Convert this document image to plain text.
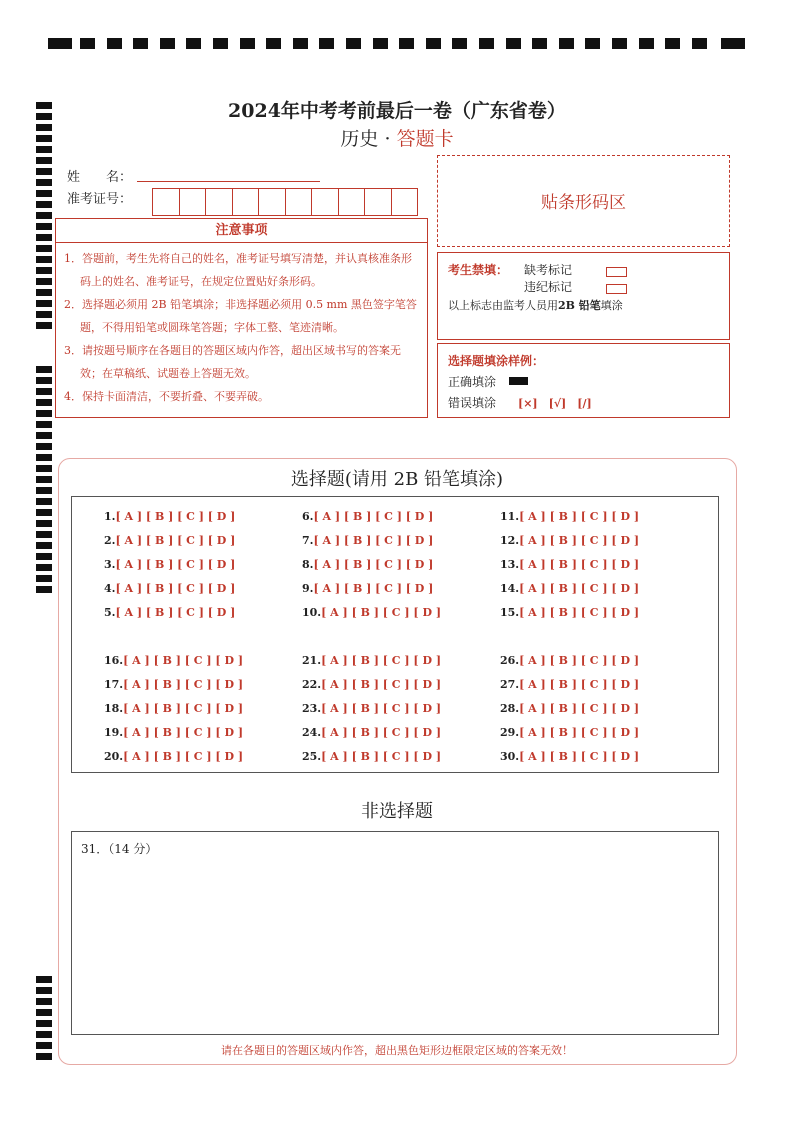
2024年中考考前最后一卷（广东省卷）
历史 · 答题卡
姓　　名：
准考证号：
注意事项
1．答题前，考生先将自己的姓名，准考证号填写清楚，并认真核准条形码上的姓名、准考证号，在规定位置贴好条形码。
2．选择题必须用 2B 铅笔填涂；非选择题必须用 0.5 mm 黑色签字笔答题，不得用铅笔或圆珠笔答题；字体工整、笔迹清晰。
3．请按题号顺序在各题目的答题区域内作答，超出区域书写的答案无效；在草稿纸、试题卷上答题无效。
4．保持卡面清洁，不要折叠、不要弄破。
贴条形码区
考生禁填： 缺考标记
违纪标记
以上标志由监考人员用2B 铅笔填涂
选择题填涂样例：
正确填涂
错误填涂 [×]　[√]　[/]
选择题(请用 2B 铅笔填涂)
1.[ A ] [ B ] [ C ] [ D ]
2.[ A ] [ B ] [ C ] [ D ]
3.[ A ] [ B ] [ C ] [ D ]
4.[ A ] [ B ] [ C ] [ D ]
5.[ A ] [ B ] [ C ] [ D ]
6.[ A ] [ B ] [ C ] [ D ]
7.[ A ] [ B ] [ C ] [ D ]
8.[ A ] [ B ] [ C ] [ D ]
9.[ A ] [ B ] [ C ] [ D ]
10.[ A ] [ B ] [ C ] [ D ]
11.[ A ] [ B ] [ C ] [ D ]
12.[ A ] [ B ] [ C ] [ D ]
13.[ A ] [ B ] [ C ] [ D ]
14.[ A ] [ B ] [ C ] [ D ]
15.[ A ] [ B ] [ C ] [ D ]
16.[ A ] [ B ] [ C ] [ D ]
17.[ A ] [ B ] [ C ] [ D ]
18.[ A ] [ B ] [ C ] [ D ]
19.[ A ] [ B ] [ C ] [ D ]
20.[ A ] [ B ] [ C ] [ D ]
21.[ A ] [ B ] [ C ] [ D ]
22.[ A ] [ B ] [ C ] [ D ]
23.[ A ] [ B ] [ C ] [ D ]
24.[ A ] [ B ] [ C ] [ D ]
25.[ A ] [ B ] [ C ] [ D ]
26.[ A ] [ B ] [ C ] [ D ]
27.[ A ] [ B ] [ C ] [ D ]
28.[ A ] [ B ] [ C ] [ D ]
29.[ A ] [ B ] [ C ] [ D ]
30.[ A ] [ B ] [ C ] [ D ]
非选择题
31．（14 分）
请在各题目的答题区域内作答，超出黑色矩形边框限定区域的答案无效！
